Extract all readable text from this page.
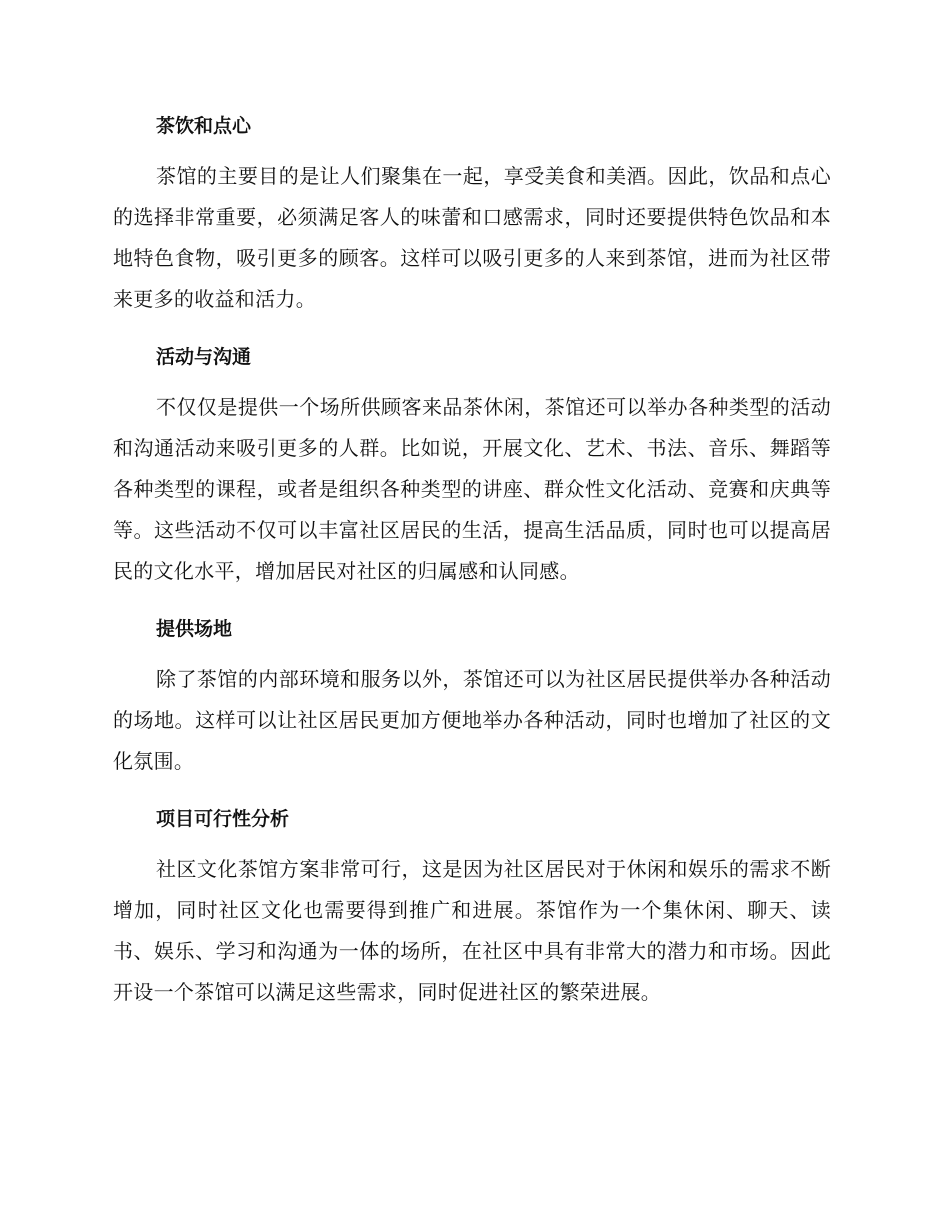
茶饮和点心

茶馆的主要目的是让人们聚集在一起，享受美食和美酒。因此，饮品和点心的选择非常重要，必须满足客人的味蕾和口感需求，同时还要提供特色饮品和本地特色食物，吸引更多的顾客。这样可以吸引更多的人来到茶馆，进而为社区带来更多的收益和活力。

活动与沟通

不仅仅是提供一个场所供顾客来品茶休闲，茶馆还可以举办各种类型的活动和沟通活动来吸引更多的人群。比如说，开展文化、艺术、书法、音乐、舞蹈等各种类型的课程，或者是组织各种类型的讲座、群众性文化活动、竞赛和庆典等等。这些活动不仅可以丰富社区居民的生活，提高生活品质，同时也可以提高居民的文化水平，增加居民对社区的归属感和认同感。

提供场地

除了茶馆的内部环境和服务以外，茶馆还可以为社区居民提供举办各种活动的场地。这样可以让社区居民更加方便地举办各种活动，同时也增加了社区的文化氛围。

项目可行性分析

社区文化茶馆方案非常可行，这是因为社区居民对于休闲和娱乐的需求不断增加，同时社区文化也需要得到推广和进展。茶馆作为一个集休闲、聊天、读书、娱乐、学习和沟通为一体的场所，在社区中具有非常大的潜力和市场。因此开设一个茶馆可以满足这些需求，同时促进社区的繁荣进展。
